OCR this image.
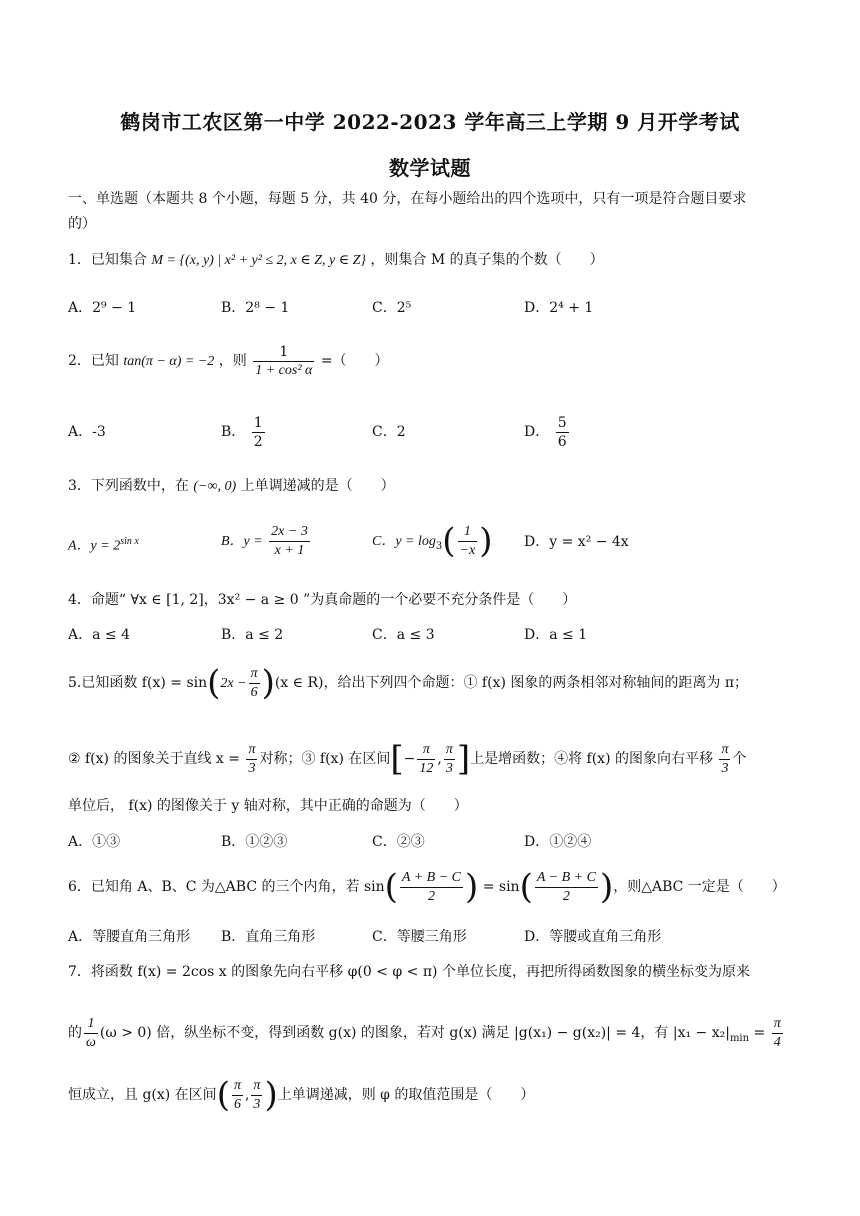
鹤岗市工农区第一中学 2022-2023 学年高三上学期 9 月开学考试
数学试题
一、单选题（本题共 8 个小题，每题 5 分，共 40 分，在每小题给出的四个选项中，只有一项是符合题目要求
的）
1．已知集合 M = {(x, y) | x² + y² ≤ 2, x ∈ Z, y ∈ Z} ，则集合 M 的真子集的个数（　　）
A．2⁹ − 1	B．2⁸ − 1	C．2⁵	D．2⁴ + 1
2．已知 tan(π − α) = −2 ，则 $\frac{1}{\text{1 + cos² α}}$ =（　　）
A．-3	B． $\frac{1}{2}$	C．2	D． $\frac{5}{6}$
3．下列函数中，在 (−∞, 0) 上单调递减的是（　　）
A．$y = 2^{sin x}$	B．$y = \frac{2x - 3}{x + 1}$	C．$y = \log_3( \frac{1}{-x}$ ) D．y = x² − 4x
4．命题“ ∀x ∈ [1, 2]，3x² − a ≥ 0 ”为真命题的一个必要不充分条件是（　　）
A．a ≤ 4	B．a ≤ 2	C．a ≤ 3	D．a ≤ 1
5.已知函数 $f(x) = \sin(2x - \frac{\pi}{6} )(x$ ∈ R)，给出下列四个命题：① f(x) 图象的两条相邻对称轴间的距离为 π；
② f(x) 的图象关于直线 $x = \frac{\pi}{3}$ 对称；③ f(x) 在区间[− $\frac{\pi}{12}$ , $\frac{\pi}{3}$ ]上是增函数；④将 f(x) 的图象向右平移 $\frac{\pi}{3}$ 个
单位后， f(x) 的图像关于 y 轴对称，其中正确的命题为（　　）
A．①③	B．①②③	C．②③	D．①②④
6．已知角 A、B、C 为△ABC 的三个内角，若 $\sin( \frac{A + B - C}{2}$ ) = $\sin( \frac{A - B + C}{2}$ )，则△ABC 一定是（　　）
A．等腰直角三角形 B．直角三角形	C．等腰三角形	D．等腰或直角三角形
7．将函数 f(x) = 2cos x 的图象先向右平移 φ(0 < φ < π) 个单位长度，再把所得函数图象的横坐标变为原来
的 $\frac{1}{\omega} (\omega > 0)$ 倍，纵坐标不变，得到函数 g(x) 的图象，若对 g(x) 满足 |g(x₁) − g(x₂)| = 4，有 $|x_1 - x_2|_{min} = \frac{\pi}{4}$
恒成立，且 g(x) 在区间( $\frac{\pi}{6}$ , $\frac{\pi}{3}$ )上单调递减，则 φ 的取值范围是（　　）
